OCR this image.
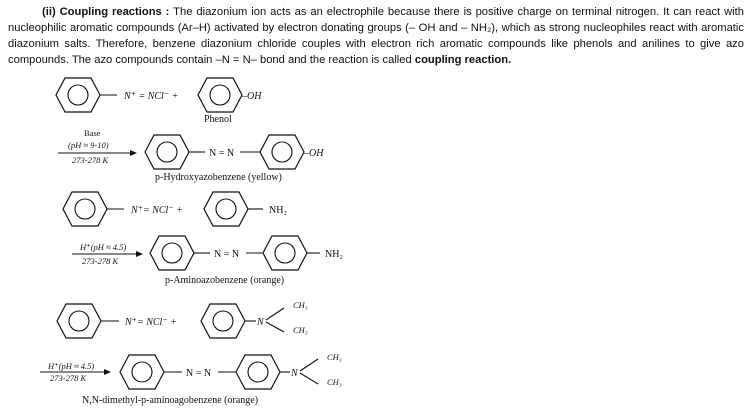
(ii) Coupling reactions : The diazonium ion acts as an electrophile because there is positive charge on terminal nitrogen. It can react with nucleophilic aromatic compounds (Ar–H) activated by electron donating groups (– OH and – NH₂), which as strong nucleophiles react with aromatic diazonium salts. Therefore, benzene diazonium chloride couples with electron rich aromatic compounds like phenols and anilines to give azo compounds. The azo compounds contain –N = N– bond and the reaction is called coupling reaction.

N⁺ = NCl⁻ +	–OH
Phenol
Base
(pH ≈ 9-10)
273-278 K
N = N	–OH
p-Hydroxyazobenzene (yellow)
N⁺= NCl⁻ +	NH₂
H⁺(pH ≈ 4.5)
273-278 K
N = N	NH₂
p-Aminoazobenzene (orange)
N⁺= NCl⁻ +	N
CH₃
CH₃
H⁺(pH ≈ 4.5)
273-278 K	N = N	N
CH₃
CH₃
N,N-dimethyl-p-aminoagobenzene (orange)
